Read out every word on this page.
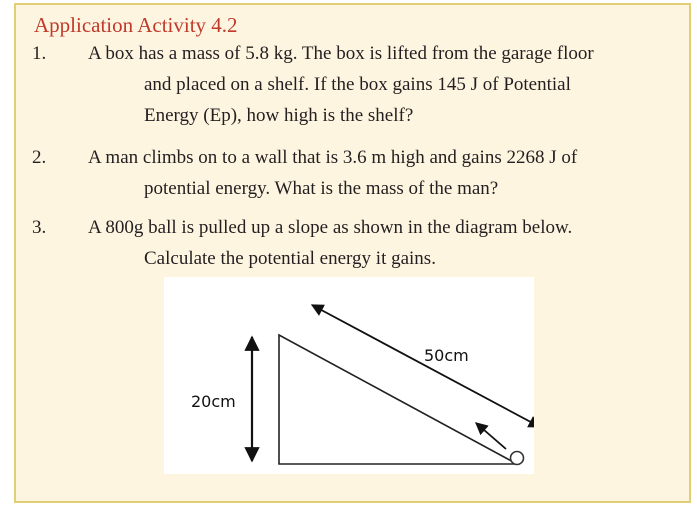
Application Activity 4.2
1. A box has a mass of 5.8 kg. The box is lifted from the garage floor
and placed on a shelf. If the box gains 145 J of Potential
Energy (Ep), how high is the shelf?
2. A man climbs on to a wall that is 3.6 m high and gains 2268 J of
potential energy. What is the mass of the man?
3. A 800g ball is pulled up a slope as shown in the diagram below.
Calculate the potential energy it gains.
20cm
50cm
